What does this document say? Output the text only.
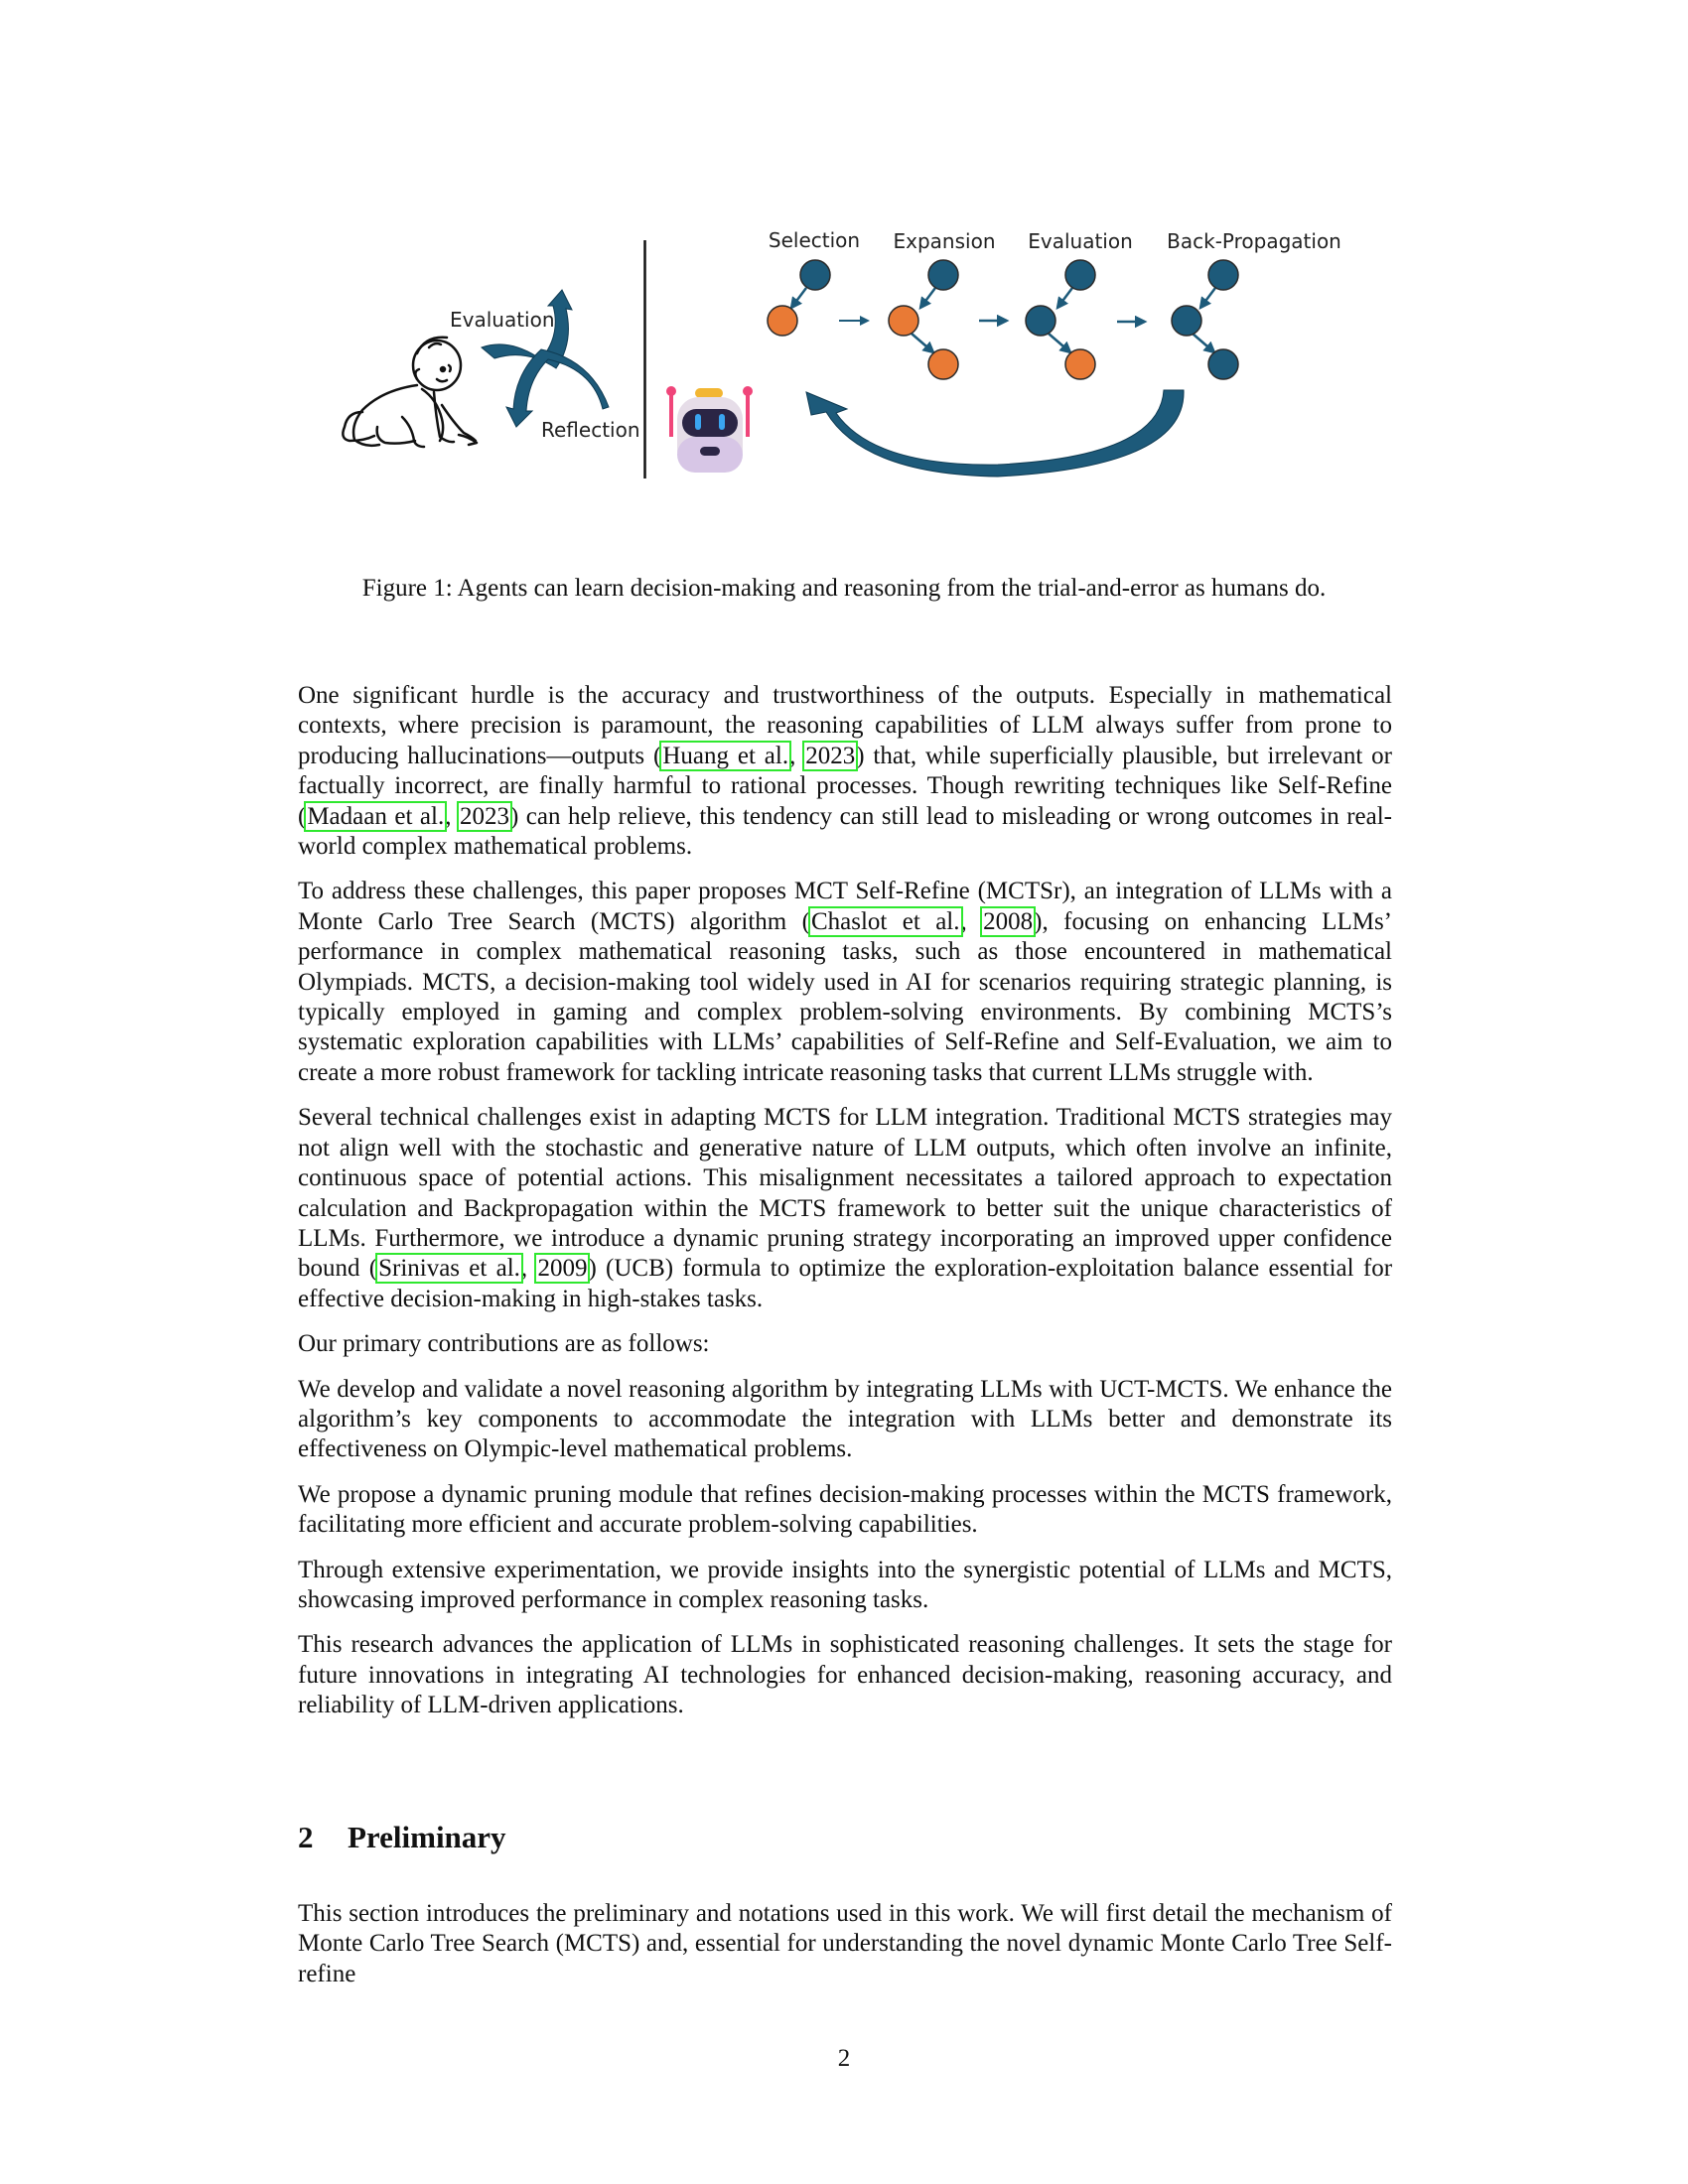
Evaluation
Reflection
Selection Expansion Evaluation Back-Propagation
Figure 1: Agents can learn decision-making and reasoning from the trial-and-error as humans do.

One significant hurdle is the accuracy and trustworthiness of the outputs. Especially in mathematical contexts, where precision is paramount, the reasoning capabilities of LLM always suffer from prone to producing hallucinations—outputs (Huang et al., 2023) that, while superficially plausible, but irrelevant or factually incorrect, are finally harmful to rational processes. Though rewriting techniques like Self-Refine (Madaan et al., 2023) can help relieve, this tendency can still lead to misleading or wrong outcomes in real-world complex mathematical problems.

To address these challenges, this paper proposes MCT Self-Refine (MCTSr), an integration of LLMs with a Monte Carlo Tree Search (MCTS) algorithm (Chaslot et al., 2008), focusing on enhancing LLMs’ performance in complex mathematical reasoning tasks, such as those encountered in mathematical Olympiads. MCTS, a decision-making tool widely used in AI for scenarios requiring strategic planning, is typically employed in gaming and complex problem-solving environments. By combining MCTS’s systematic exploration capabilities with LLMs’ capabilities of Self-Refine and Self-Evaluation, we aim to create a more robust framework for tackling intricate reasoning tasks that current LLMs struggle with.

Several technical challenges exist in adapting MCTS for LLM integration. Traditional MCTS strategies may not align well with the stochastic and generative nature of LLM outputs, which often involve an infinite, continuous space of potential actions. This misalignment necessitates a tailored approach to expectation calculation and Backpropagation within the MCTS framework to better suit the unique characteristics of LLMs. Furthermore, we introduce a dynamic pruning strategy incorporating an improved upper confidence bound (Srinivas et al., 2009) (UCB) formula to optimize the exploration-exploitation balance essential for effective decision-making in high-stakes tasks.

Our primary contributions are as follows:

We develop and validate a novel reasoning algorithm by integrating LLMs with UCT-MCTS. We enhance the algorithm’s key components to accommodate the integration with LLMs better and demonstrate its effectiveness on Olympic-level mathematical problems.

We propose a dynamic pruning module that refines decision-making processes within the MCTS framework, facilitating more efficient and accurate problem-solving capabilities.

Through extensive experimentation, we provide insights into the synergistic potential of LLMs and MCTS, showcasing improved performance in complex reasoning tasks.

This research advances the application of LLMs in sophisticated reasoning challenges. It sets the stage for future innovations in integrating AI technologies for enhanced decision-making, reasoning accuracy, and reliability of LLM-driven applications.

2 Preliminary

This section introduces the preliminary and notations used in this work. We will first detail the mechanism of Monte Carlo Tree Search (MCTS) and, essential for understanding the novel dynamic Monte Carlo Tree Self-refine

2
